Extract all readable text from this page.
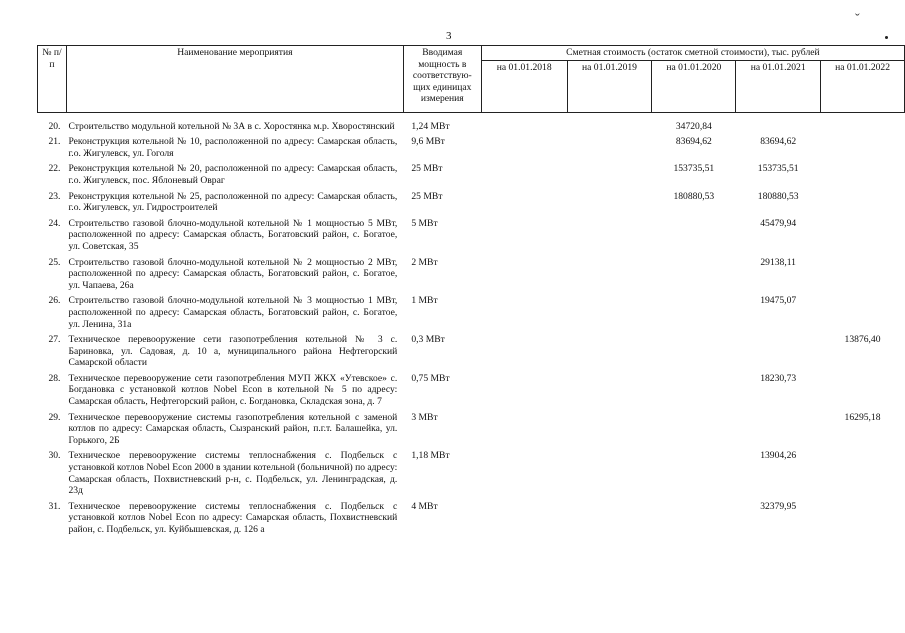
3
ˇ
№ п/п	Наименование мероприятия	Вводимая мощность в соответствую-щих единицах измерения	Сметная стоимость (остаток сметной стоимости), тыс. рублей				
			на 01.01.2018	на 01.01.2019	на 01.01.2020	на 01.01.2021	на 01.01.2022
20.	Строительство модульной котельной № 3А в с. Хоростянка м.р. Хворостянский	1,24 МВт			34720,84		
21.	Реконструкция котельной № 10, расположенной по адресу: Самарская область, г.о. Жигулевск, ул. Гоголя	9,6 МВт			83694,62	83694,62	
22.	Реконструкция котельной № 20, расположенной по адресу: Самарская область, г.о. Жигулевск, пос. Яблоневый Овраг	25 МВт			153735,51	153735,51	
23.	Реконструкция котельной № 25, расположенной по адресу: Самарская область, г.о. Жигулевск, ул. Гидростроителей	25 МВт			180880,53	180880,53	
24.	Строительство газовой блочно-модульной котельной № 1 мощностью 5 МВт, расположенной по адресу: Самарская область, Богатовский район, с. Богатое, ул. Советская, 35	5 МВт				45479,94	
25.	Строительство газовой блочно-модульной котельной № 2 мощностью 2 МВт, расположенной по адресу: Самарская область, Богатовский район, с. Богатое, ул. Чапаева, 26а	2 МВт				29138,11	
26.	Строительство газовой блочно-модульной котельной № 3 мощностью 1 МВт, расположенной по адресу: Самарская область, Богатовский район, с. Богатое, ул. Ленина, 31а	1 МВт				19475,07	
27.	Техническое перевооружение сети газопотребления котельной № 3 с. Бариновка, ул. Садовая, д. 10 а, муниципального района Нефтегорский Самарской области	0,3 МВт					13876,40
28.	Техническое перевооружение сети газопотребления МУП ЖКХ «Утевское» с. Богдановка с установкой котлов Nobel Econ в котельной № 5 по адресу: Самарская область, Нефтегорский район, с. Богдановка, Складская зона, д. 7	0,75 МВт				18230,73	
29.	Техническое перевооружение системы газопотребления котельной с заменой котлов по адресу: Самарская область, Сызранский район, п.г.т. Балашейка, ул. Горького, 2Б	3 МВт					16295,18
30.	Техническое перевооружение системы теплоснабжения с. Подбельск с установкой котлов Nobel Econ 2000 в здании котельной (больничной) по адресу: Самарская область, Похвистневский р-н, с. Подбельск, ул. Ленинградская, д. 23д	1,18 МВт				13904,26	
31.	Техническое перевооружение системы теплоснабжения с. Подбельск с установкой котлов Nobel Econ по адресу: Самарская область, Похвистневский район, с. Подбельск, ул. Куйбышевская, д. 126 а	4 МВт				32379,95	
